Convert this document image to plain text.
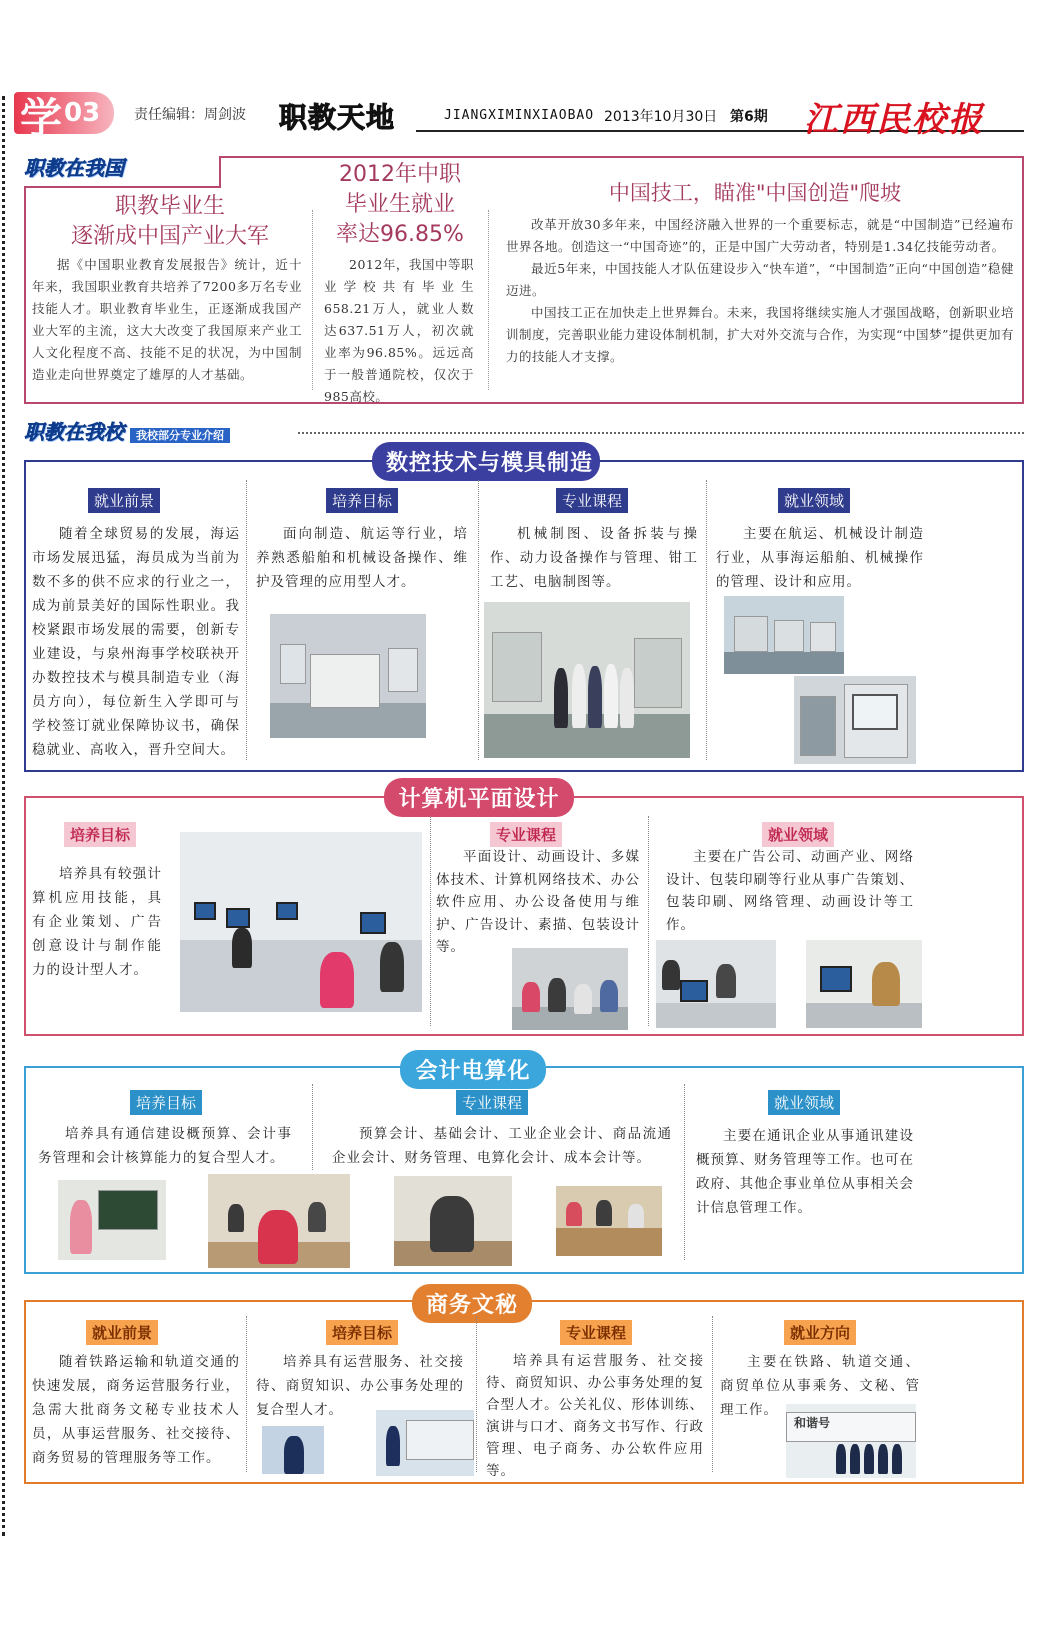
学 03 责任编辑：周剑波 职教天地	JIANGXIMINXIAOBAO 2013年10月30日 第6期 江西民校报
职教在我国
职教毕业生
逐渐成中国产业大军
据《中国职业教育发展报告》统计，近十年来，我国职业教育共培养了7200多万名专业技能人才。职业教育毕业生，正逐渐成我国产业大军的主流，这大大改变了我国原来产业工人文化程度不高、技能不足的状况，为中国制造业走向世界奠定了雄厚的人才基础。
2012年中职
毕业生就业
率达96.85%
2012年，我国中等职业学校共有毕业生658.21万人，就业人数达637.51万人，初次就业率为96.85%。远远高于一般普通院校，仅次于985高校。
中国技工，瞄准"中国创造"爬坡
改革开放30多年来，中国经济融入世界的一个重要标志，就是“中国制造”已经遍布世界各地。创造这一“中国奇迹”的，正是中国广大劳动者，特别是1.34亿技能劳动者。
最近5年来，中国技能人才队伍建设步入“快车道”，“中国制造”正向“中国创造”稳健迈进。
中国技工正在加快走上世界舞台。未来，我国将继续实施人才强国战略，创新职业培训制度，完善职业能力建设体制机制，扩大对外交流与合作，为实现“中国梦”提供更加有力的技能人才支撑。
职教在我校 我校部分专业介绍
数控技术与模具制造
就业前景
随着全球贸易的发展，海运市场发展迅猛，海员成为当前为数不多的供不应求的行业之一，成为前景美好的国际性职业。我校紧跟市场发展的需要，创新专业建设，与泉州海事学校联袂开办数控技术与模具制造专业（海员方向），每位新生入学即可与学校签订就业保障协议书，确保稳就业、高收入，晋升空间大。
培养目标
面向制造、航运等行业，培养熟悉船舶和机械设备操作、维护及管理的应用型人才。
专业课程
机械制图、设备拆装与操作、动力设备操作与管理、钳工工艺、电脑制图等。
就业领域
主要在航运、机械设计制造行业，从事海运船舶、机械操作的管理、设计和应用。
计算机平面设计
培养目标
培养具有较强计算机应用技能，具有企业策划、广告创意设计与制作能力的设计型人才。
专业课程
平面设计、动画设计、多媒体技术、计算机网络技术、办公软件应用、办公设备使用与维护、广告设计、素描、包装设计等。
就业领域
主要在广告公司、动画产业、网络设计、包装印刷等行业从事广告策划、包装印刷、网络管理、动画设计等工作。
会计电算化
培养目标
培养具有通信建设概预算、会计事务管理和会计核算能力的复合型人才。
专业课程
预算会计、基础会计、工业企业会计、商品流通企业会计、财务管理、电算化会计、成本会计等。
就业领域
主要在通讯企业从事通讯建设概预算、财务管理等工作。也可在政府、其他企事业单位从事相关会计信息管理工作。
商务文秘
就业前景
随着铁路运输和轨道交通的快速发展，商务运营服务行业，急需大批商务文秘专业技术人员，从事运营服务、社交接待、商务贸易的管理服务等工作。
培养目标
培养具有运营服务、社交接待、商贸知识、办公事务处理的复合型人才。
专业课程
培养具有运营服务、社交接待、商贸知识、办公事务处理的复合型人才。公关礼仪、形体训练、演讲与口才、商务文书写作、行政管理、电子商务、办公软件应用等。
就业方向
主要在铁路、轨道交通、商贸单位从事乘务、文秘、管理工作。
和谐号
